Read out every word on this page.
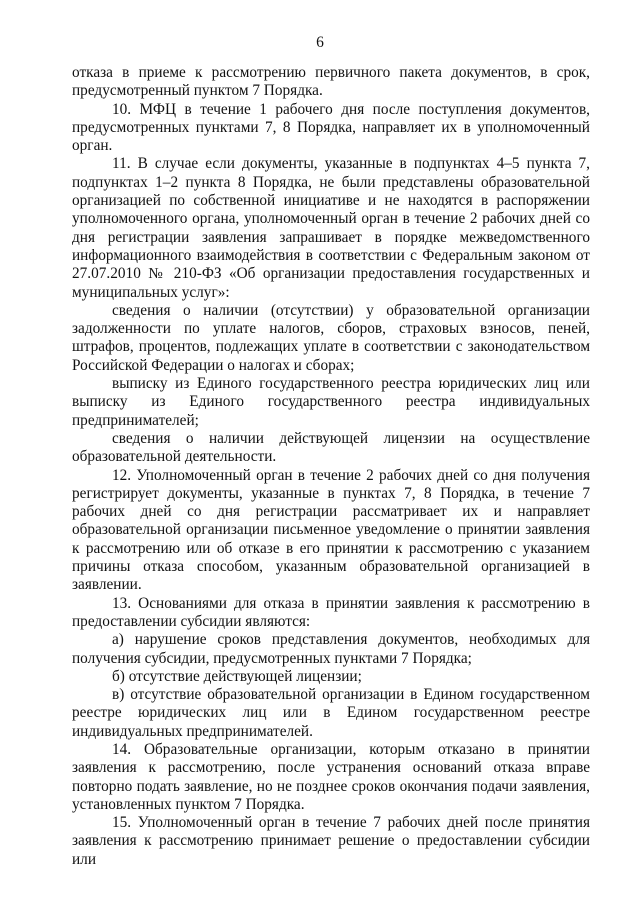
6

отказа в приеме к рассмотрению первичного пакета документов, в срок, предусмотренный пунктом 7 Порядка.

10. МФЦ в течение 1 рабочего дня после поступления документов, предусмотренных пунктами 7, 8 Порядка, направляет их в уполномоченный орган.

11. В случае если документы, указанные в подпунктах 4–5 пункта 7, подпунктах 1–2 пункта 8 Порядка, не были представлены образовательной организацией по собственной инициативе и не находятся в распоряжении уполномоченного органа, уполномоченный орган в течение 2 рабочих дней со дня регистрации заявления запрашивает в порядке межведомственного информационного взаимодействия в соответствии с Федеральным законом от 27.07.2010 № 210-ФЗ «Об организации предоставления государственных и муниципальных услуг»:

сведения о наличии (отсутствии) у образовательной организации задолженности по уплате налогов, сборов, страховых взносов, пеней, штрафов, процентов, подлежащих уплате в соответствии с законодательством Российской Федерации о налогах и сборах;

выписку из Единого государственного реестра юридических лиц или выписку из Единого государственного реестра индивидуальных предпринимателей;

сведения о наличии действующей лицензии на осуществление образовательной деятельности.

12. Уполномоченный орган в течение 2 рабочих дней со дня получения регистрирует документы, указанные в пунктах 7, 8 Порядка, в течение 7 рабочих дней со дня регистрации рассматривает их и направляет образовательной организации письменное уведомление о принятии заявления к рассмотрению или об отказе в его принятии к рассмотрению с указанием причины отказа способом, указанным образовательной организацией в заявлении.

13. Основаниями для отказа в принятии заявления к рассмотрению в предоставлении субсидии являются:

а) нарушение сроков представления документов, необходимых для получения субсидии, предусмотренных пунктами 7 Порядка;

б) отсутствие действующей лицензии;

в) отсутствие образовательной организации в Едином государственном реестре юридических лиц или в Едином государственном реестре индивидуальных предпринимателей.

14. Образовательные организации, которым отказано в принятии заявления к рассмотрению, после устранения оснований отказа вправе повторно подать заявление, но не позднее сроков окончания подачи заявления, установленных пунктом 7 Порядка.

15. Уполномоченный орган в течение 7 рабочих дней после принятия заявления к рассмотрению принимает решение о предоставлении субсидии или
